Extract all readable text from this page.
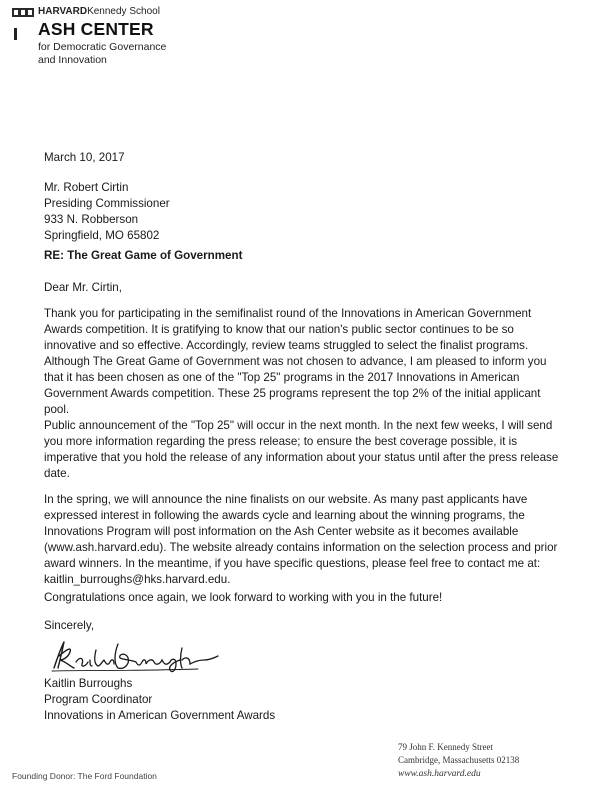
HARVARDKennedy School
ASH CENTER
for Democratic Governance
and Innovation
March 10, 2017
Mr. Robert Cirtin
Presiding Commissioner
933 N. Robberson
Springfield, MO 65802
RE: The Great Game of Government
Dear Mr. Cirtin,
Thank you for participating in the semifinalist round of the Innovations in American Government Awards competition. It is gratifying to know that our nation's public sector continues to be so innovative and so effective. Accordingly, review teams struggled to select the finalist programs. Although The Great Game of Government was not chosen to advance, I am pleased to inform you that it has been chosen as one of the "Top 25" programs in the 2017 Innovations in American Government Awards competition. These 25 programs represent the top 2% of the initial applicant pool.
Public announcement of the "Top 25" will occur in the next month. In the next few weeks, I will send you more information regarding the press release; to ensure the best coverage possible, it is imperative that you hold the release of any information about your status until after the press release date.
In the spring, we will announce the nine finalists on our website. As many past applicants have expressed interest in following the awards cycle and learning about the winning programs, the Innovations Program will post information on the Ash Center website as it becomes available (www.ash.harvard.edu). The website already contains information on the selection process and prior award winners. In the meantime, if you have specific questions, please feel free to contact me at: kaitlin_burroughs@hks.harvard.edu.
Congratulations once again, we look forward to working with you in the future!
Sincerely,
Kaitlin Burroughs
Program Coordinator
Innovations in American Government Awards
79 John F. Kennedy Street
Cambridge, Massachusetts 02138
www.ash.harvard.edu
Founding Donor: The Ford Foundation
